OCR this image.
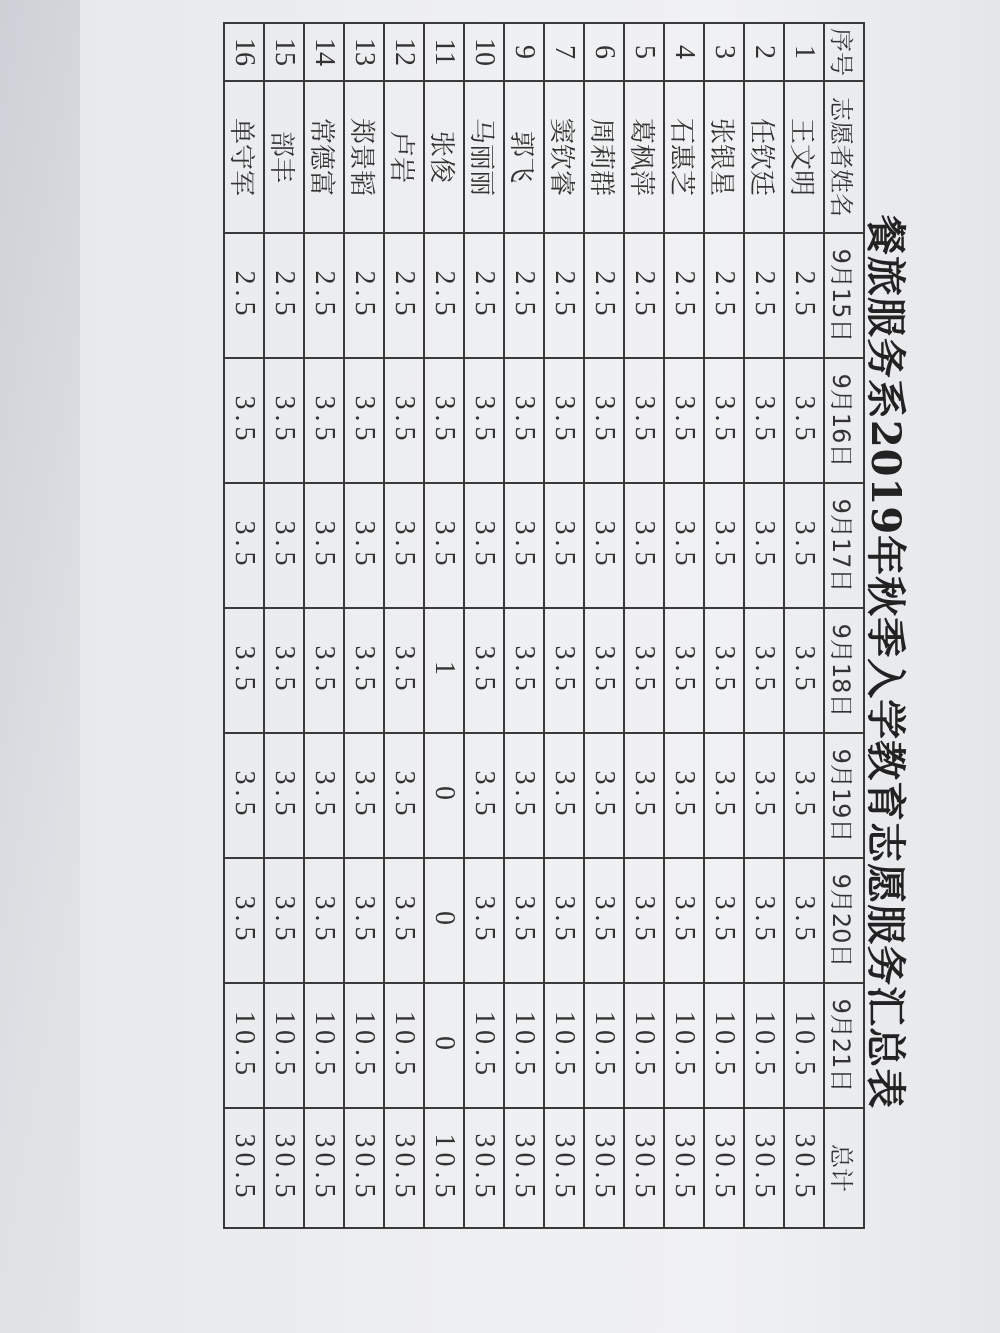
餐旅服务系2019年秋季入学教育志愿服务汇总表
序号	志愿者姓名	9月15日	9月16日	9月17日	9月18日	9月19日	9月20日	9月21日	总计
1	王文明	2.5	3.5	3.5	3.5	3.5	3.5	10.5	30.5
2	任钦廷	2.5	3.5	3.5	3.5	3.5	3.5	10.5	30.5
3	张银星	2.5	3.5	3.5	3.5	3.5	3.5	10.5	30.5
4	石惠芝	2.5	3.5	3.5	3.5	3.5	3.5	10.5	30.5
5	葛枫萍	2.5	3.5	3.5	3.5	3.5	3.5	10.5	30.5
6	周莉群	2.5	3.5	3.5	3.5	3.5	3.5	10.5	30.5
7	窦钦睿	2.5	3.5	3.5	3.5	3.5	3.5	10.5	30.5
9	郭飞	2.5	3.5	3.5	3.5	3.5	3.5	10.5	30.5
10	马丽丽	2.5	3.5	3.5	3.5	3.5	3.5	10.5	30.5
11	张俊	2.5	3.5	3.5	1	0	0	0	10.5
12	卢岩	2.5	3.5	3.5	3.5	3.5	3.5	10.5	30.5
13	郑景韬	2.5	3.5	3.5	3.5	3.5	3.5	10.5	30.5
14	常德富	2.5	3.5	3.5	3.5	3.5	3.5	10.5	30.5
15	部丰	2.5	3.5	3.5	3.5	3.5	3.5	10.5	30.5
16	单守军	2.5	3.5	3.5	3.5	3.5	3.5	10.5	30.5
